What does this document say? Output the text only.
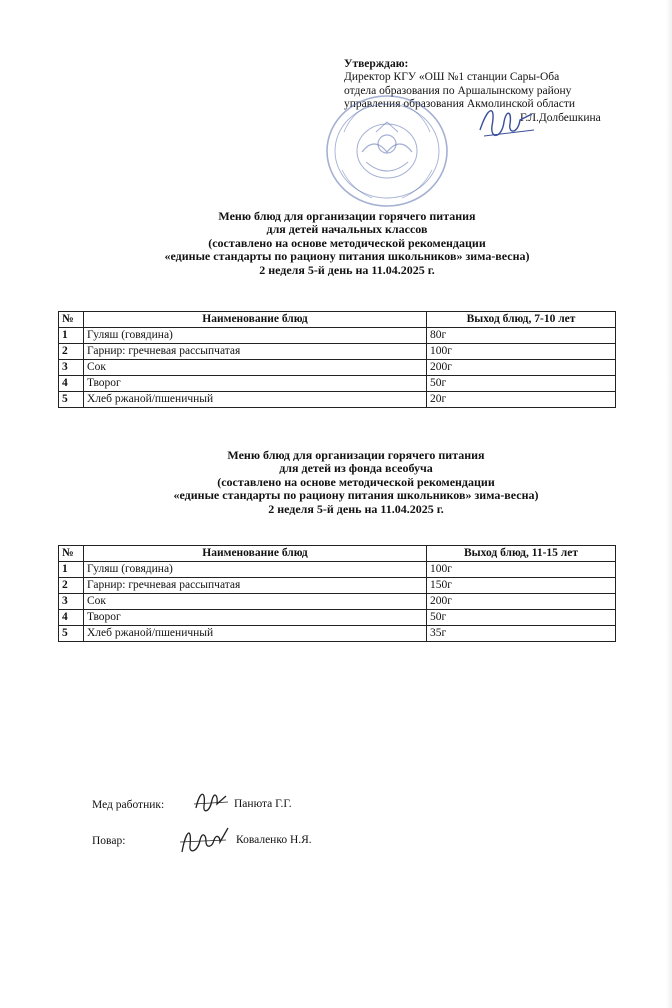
Утверждаю:
Директор КГУ «ОШ №1 станции Сары-Оба
отдела образования по Аршалынскому району
управления образования Акмолинской области
Г.Л.Долбешкина
Меню блюд для организации горячего питания
для детей начальных классов
(составлено на основе методической рекомендации
«единые стандарты по рациону питания школьников» зима-весна)
2 неделя 5-й день на 11.04.2025 г.
№	Наименование блюд	Выход блюд, 7-10 лет
1	Гуляш (говядина)	80г
2	Гарнир: гречневая рассыпчатая	100г
3	Сок	200г
4	Творог	50г
5	Хлеб ржаной/пшеничный	20г
Меню блюд для организации горячего питания
для детей из фонда всеобуча
(составлено на основе методической рекомендации
«единые стандарты по рациону питания школьников» зима-весна)
2 неделя 5-й день на 11.04.2025 г.
№	Наименование блюд	Выход блюд, 11-15 лет
1	Гуляш (говядина)	100г
2	Гарнир: гречневая рассыпчатая	150г
3	Сок	200г
4	Творог	50г
5	Хлеб ржаной/пшеничный	35г
Мед работник:	Панюта Г.Г.
Повар:	Коваленко Н.Я.
